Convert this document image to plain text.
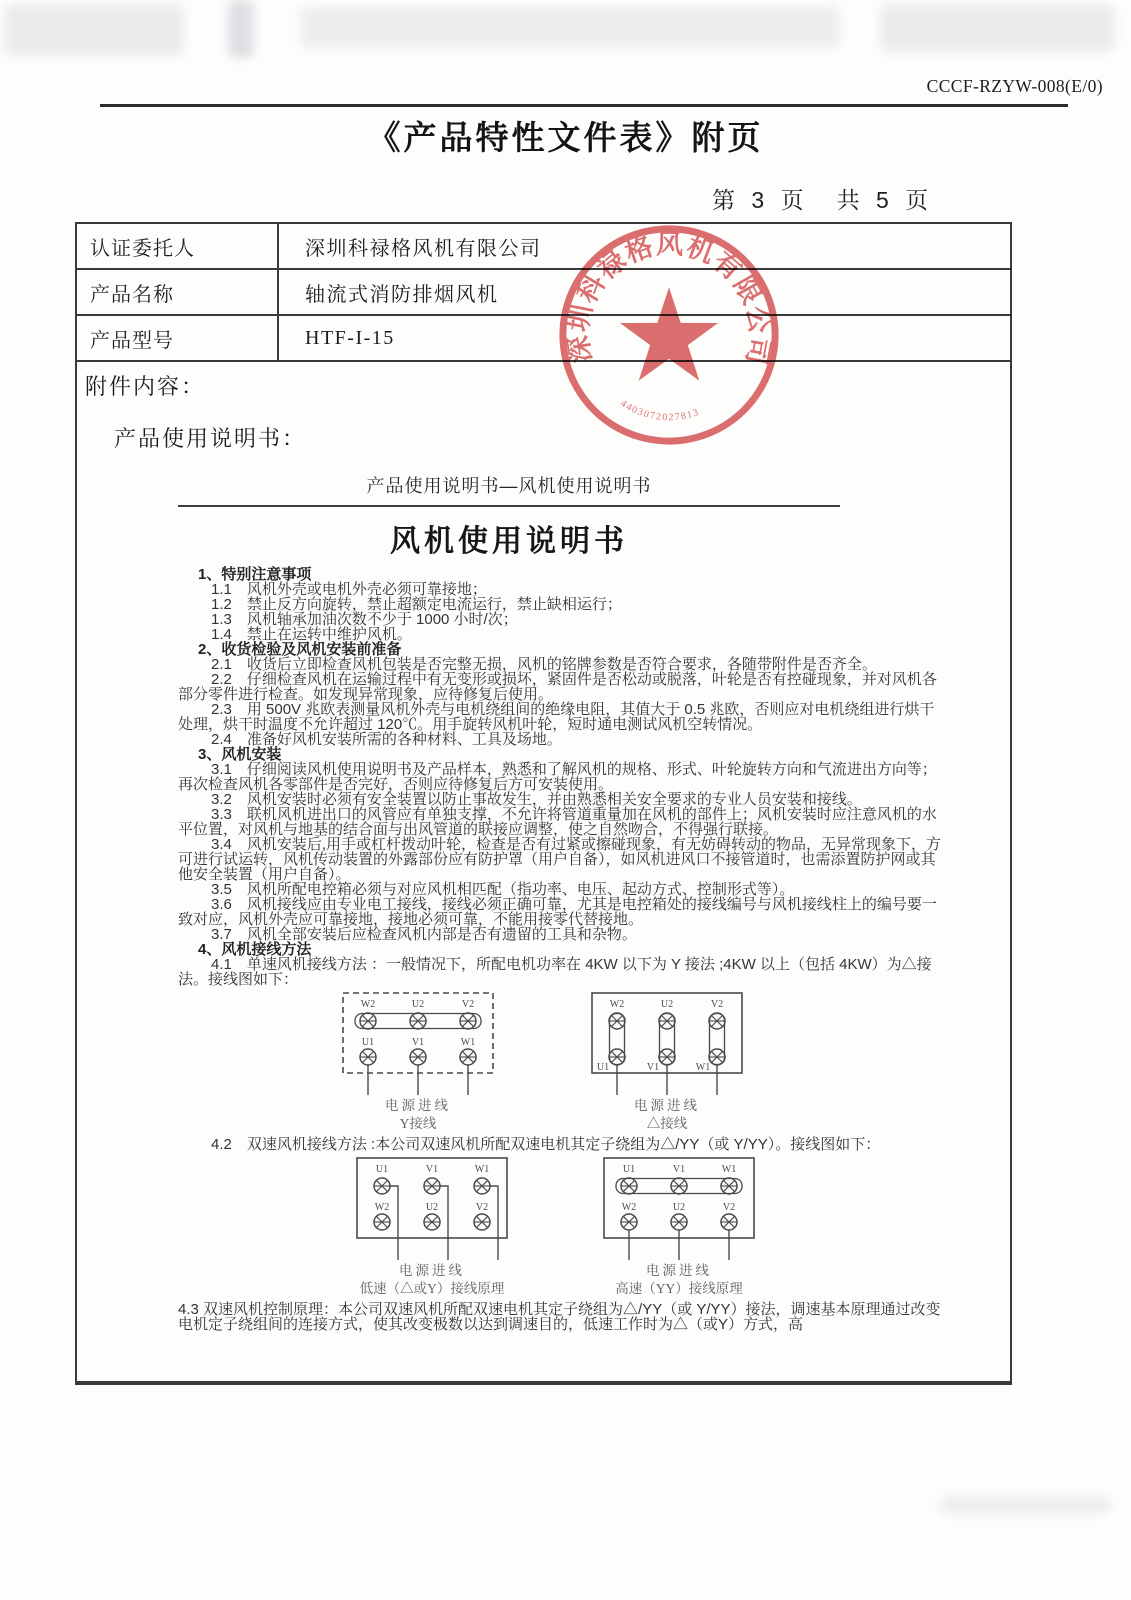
CCCF-RZYW-008(E/0)
《产品特性文件表》附页
第 3 页　共 5 页
认证委托人	深圳科禄格风机有限公司
产品名称	轴流式消防排烟风机
产品型号	HTF-I-15
附件内容：
产品使用说明书：
深圳科禄格风机有限公司
4403072027813
产品使用说明书—风机使用说明书
风机使用说明书

1、特别注意事项

1.1　风机外壳或电机外壳必须可靠接地；

1.2　禁止反方向旋转，禁止超额定电流运行，禁止缺相运行；

1.3　风机轴承加油次数不少于 1000 小时/次；

1.4　禁止在运转中维护风机。

2、收货检验及风机安装前准备

2.1　收货后立即检查风机包装是否完整无损，风机的铭牌参数是否符合要求，各随带附件是否齐全。

2.2　仔细检查风机在运输过程中有无变形或损坏，紧固件是否松动或脱落，叶轮是否有控碰现象，并对风机各部分零件进行检查。如发现异常现象，应待修复后使用。

2.3　用 500V 兆欧表测量风机外壳与电机绕组间的绝缘电阻，其值大于 0.5 兆欧，否则应对电机绕组进行烘干处理，烘干时温度不允许超过 120℃。用手旋转风机叶轮，短时通电测试风机空转情况。

2.4　准备好风机安装所需的各种材料、工具及场地。

3、风机安装

3.1　仔细阅读风机使用说明书及产品样本，熟悉和了解风机的规格、形式、叶轮旋转方向和气流进出方向等；再次检查风机各零部件是否完好，否则应待修复后方可安装使用。

3.2　风机安装时必须有安全装置以防止事故发生，并由熟悉相关安全要求的专业人员安装和接线。

3.3　联机风机进出口的风管应有单独支撑，不允许将管道重量加在风机的部件上；风机安装时应注意风机的水平位置，对风机与地基的结合面与出风管道的联接应调整，使之自然吻合，不得强行联接。

3.4　风机安装后,用手或杠杆拨动叶轮，检查是否有过紧或擦碰现象，有无妨碍转动的物品，无异常现象下，方可进行试运转，风机传动装置的外露部份应有防护罩（用户自备），如风机进风口不接管道时，也需添置防护网或其他安全装置（用户自备）。

3.5　风机所配电控箱必须与对应风机相匹配（指功率、电压、起动方式、控制形式等）。

3.6　风机接线应由专业电工接线，接线必须正确可靠，尤其是电控箱处的接线编号与风机接线柱上的编号要一致对应，风机外壳应可靠接地，接地必须可靠，不能用接零代替接地。

3.7　风机全部安装后应检查风机内部是否有遗留的工具和杂物。

4、风机接线方法

4.1　单速风机接线方法 ：一般情况下，所配电机功率在 4KW 以下为 Y 接法 ;4KW 以上（包括 4KW）为△接法。接线图如下：

W2	U2	V2
U1	V1	W1
电源进线
Y接线
W2	U2	V2
U1	V1	W1
电源进线
△接线

4.2　双速风机接线方法 :本公司双速风机所配双速电机其定子绕组为△/YY（或 Y/YY）。接线图如下：

U1	V1	W1
W2	U2	V2
电源进线
低速（△或Y）接线原理
U1	V1	W1
W2	U2	V2
电源进线
高速（YY）接线原理

4.3 双速风机控制原理：本公司双速风机所配双速电机其定子绕组为△/YY（或 Y/YY）接法，调速基本原理通过改变电机定子绕组间的连接方式，使其改变极数以达到调速目的，低速工作时为△（或Y）方式，高
